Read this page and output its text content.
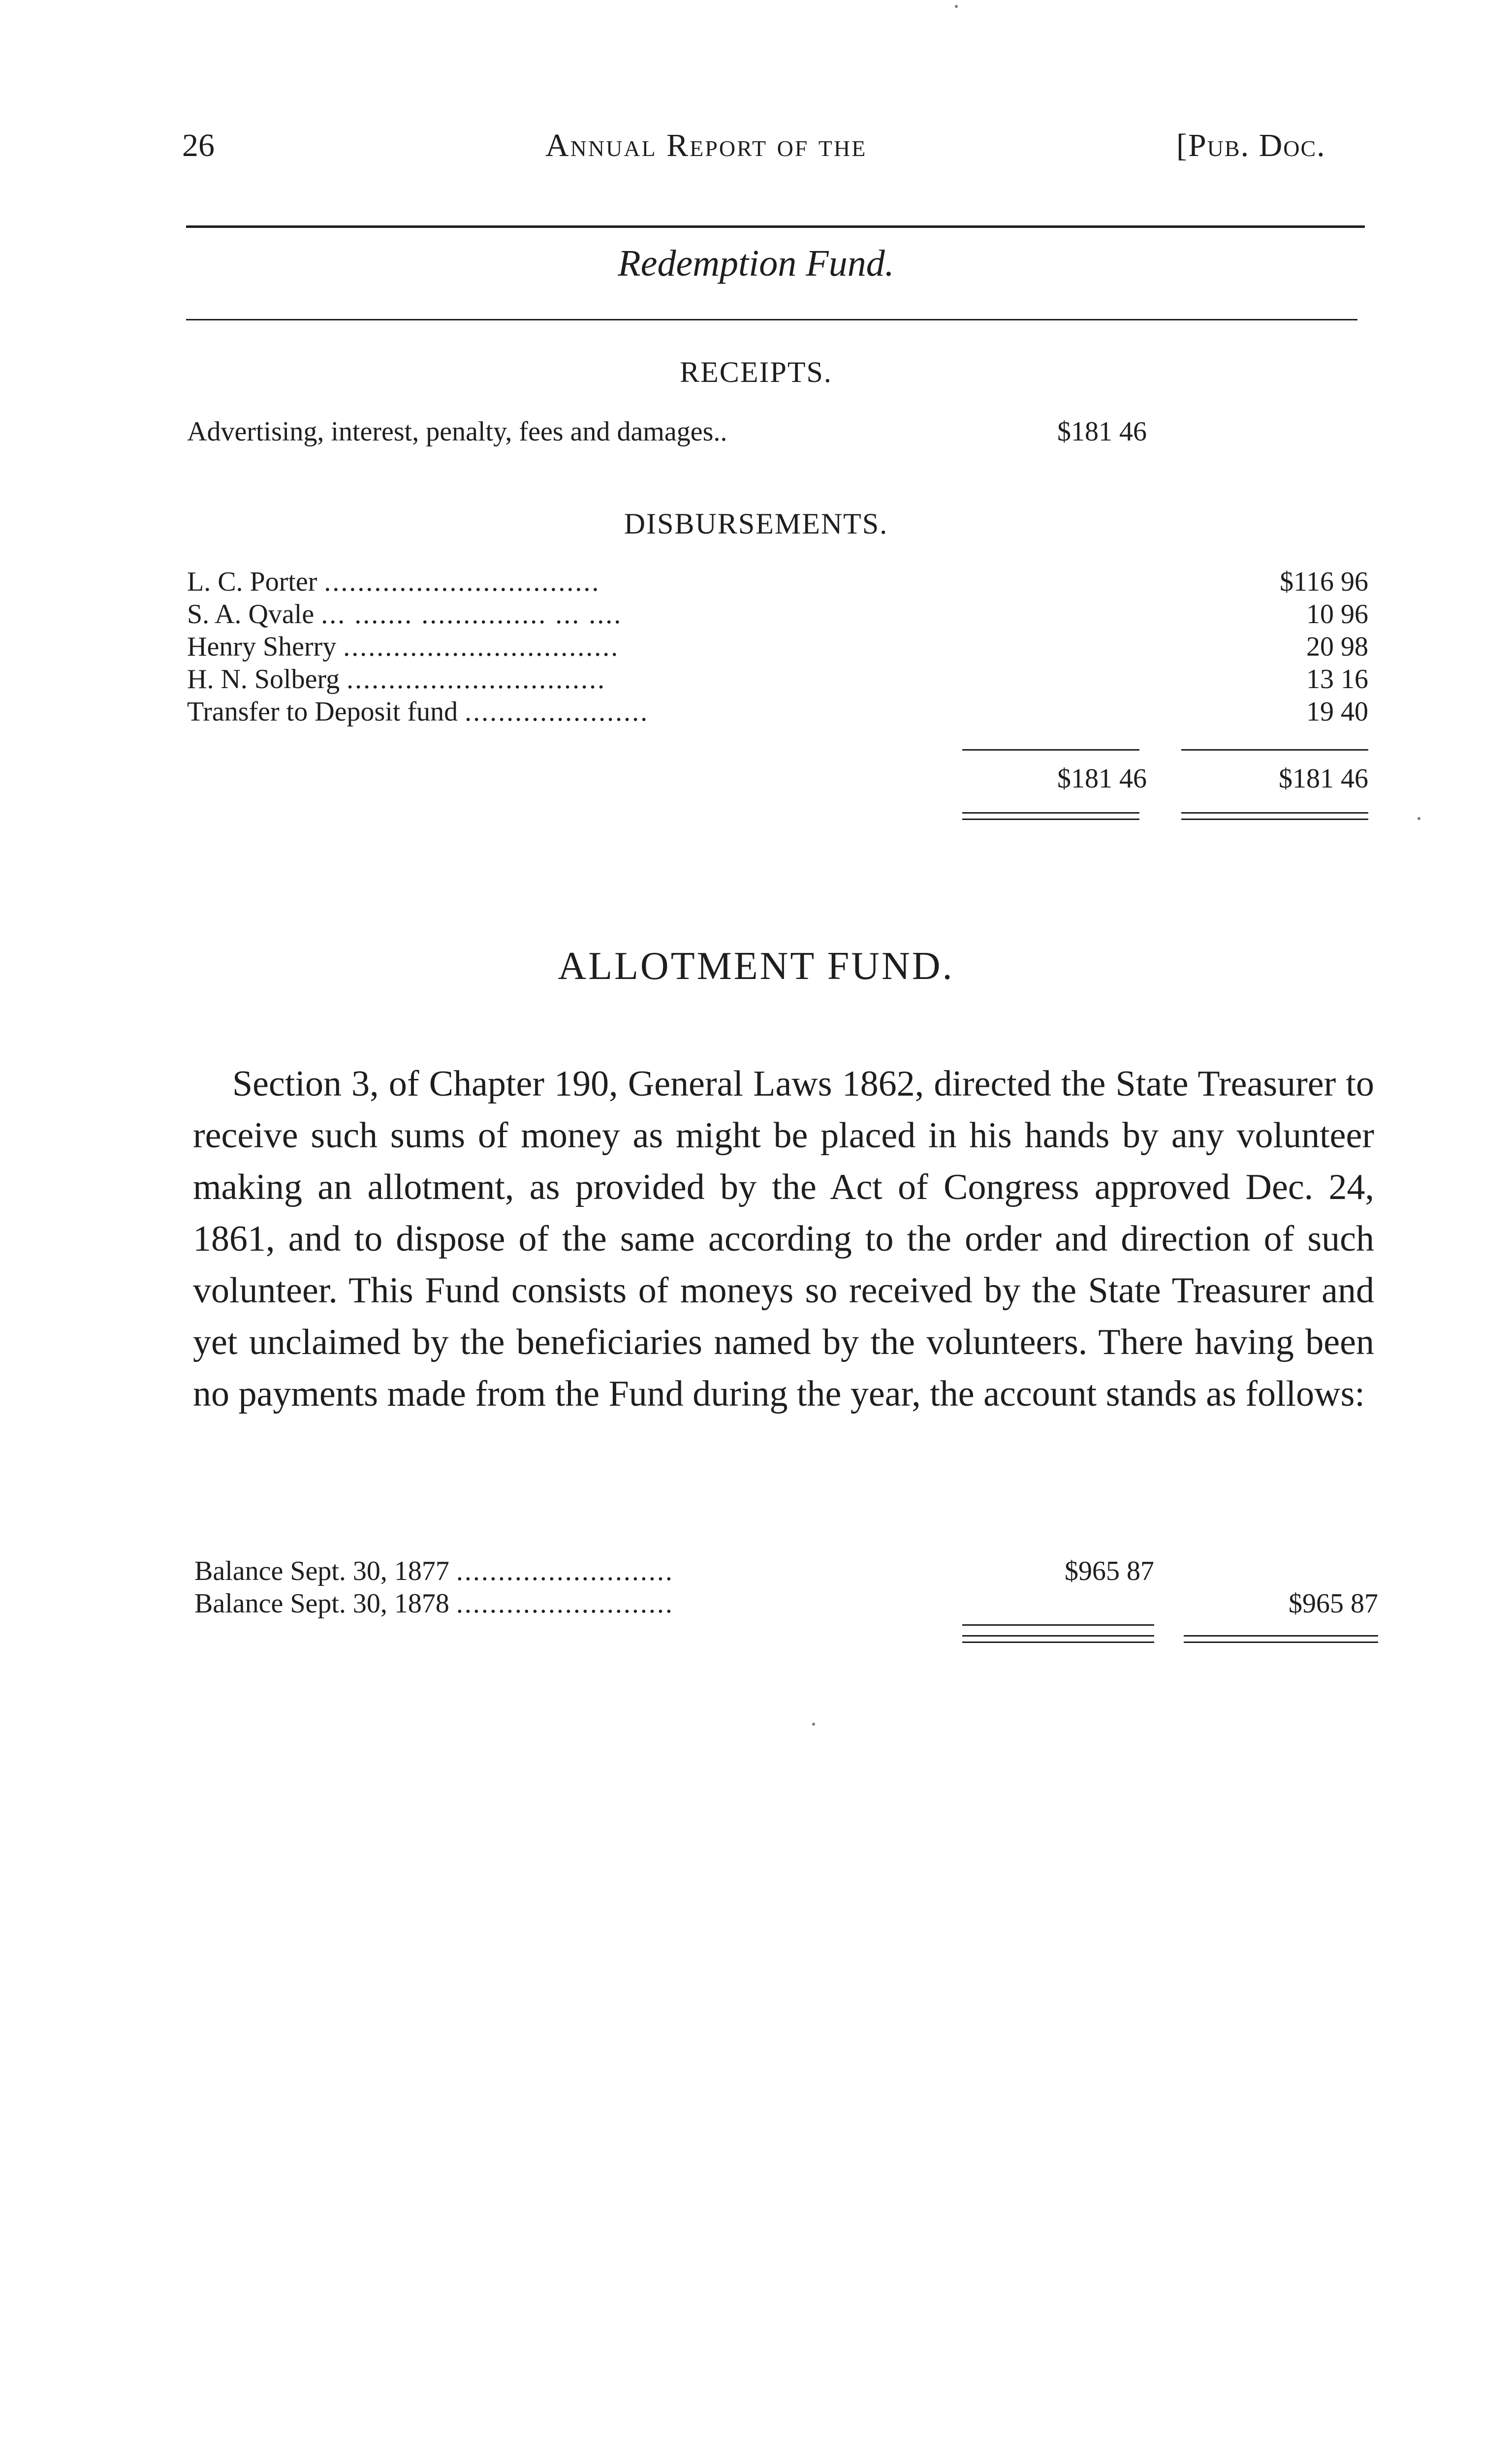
26	Annual Report of the	[Pub. Doc.
Redemption Fund.
RECEIPTS.
Advertising, interest, penalty, fees and damages..	$181 46
DISBURSEMENTS.
L. C. Porter .................................	$116 96
S. A. Qvale ... ....... ............... ... ....	10 96
Henry Sherry .................................	20 98
H. N. Solberg ...............................	13 16
Transfer to Deposit fund ......................	19 40
$181 46	$181 46
ALLOTMENT FUND.
Section 3, of Chapter 190, General Laws 1862, directed the State Treasurer to receive such sums of money as might be placed in his hands by any volunteer making an allotment, as provided by the Act of Congress approved Dec. 24, 1861, and to dispose of the same according to the order and direction of such volunteer. This Fund consists of moneys so received by the State Treasurer and yet unclaimed by the beneficiaries named by the volunteers. There having been no payments made from the Fund during the year, the account stands as follows:
Balance Sept. 30, 1877 ..........................	$965 87
Balance Sept. 30, 1878 ..........................	$965 87
